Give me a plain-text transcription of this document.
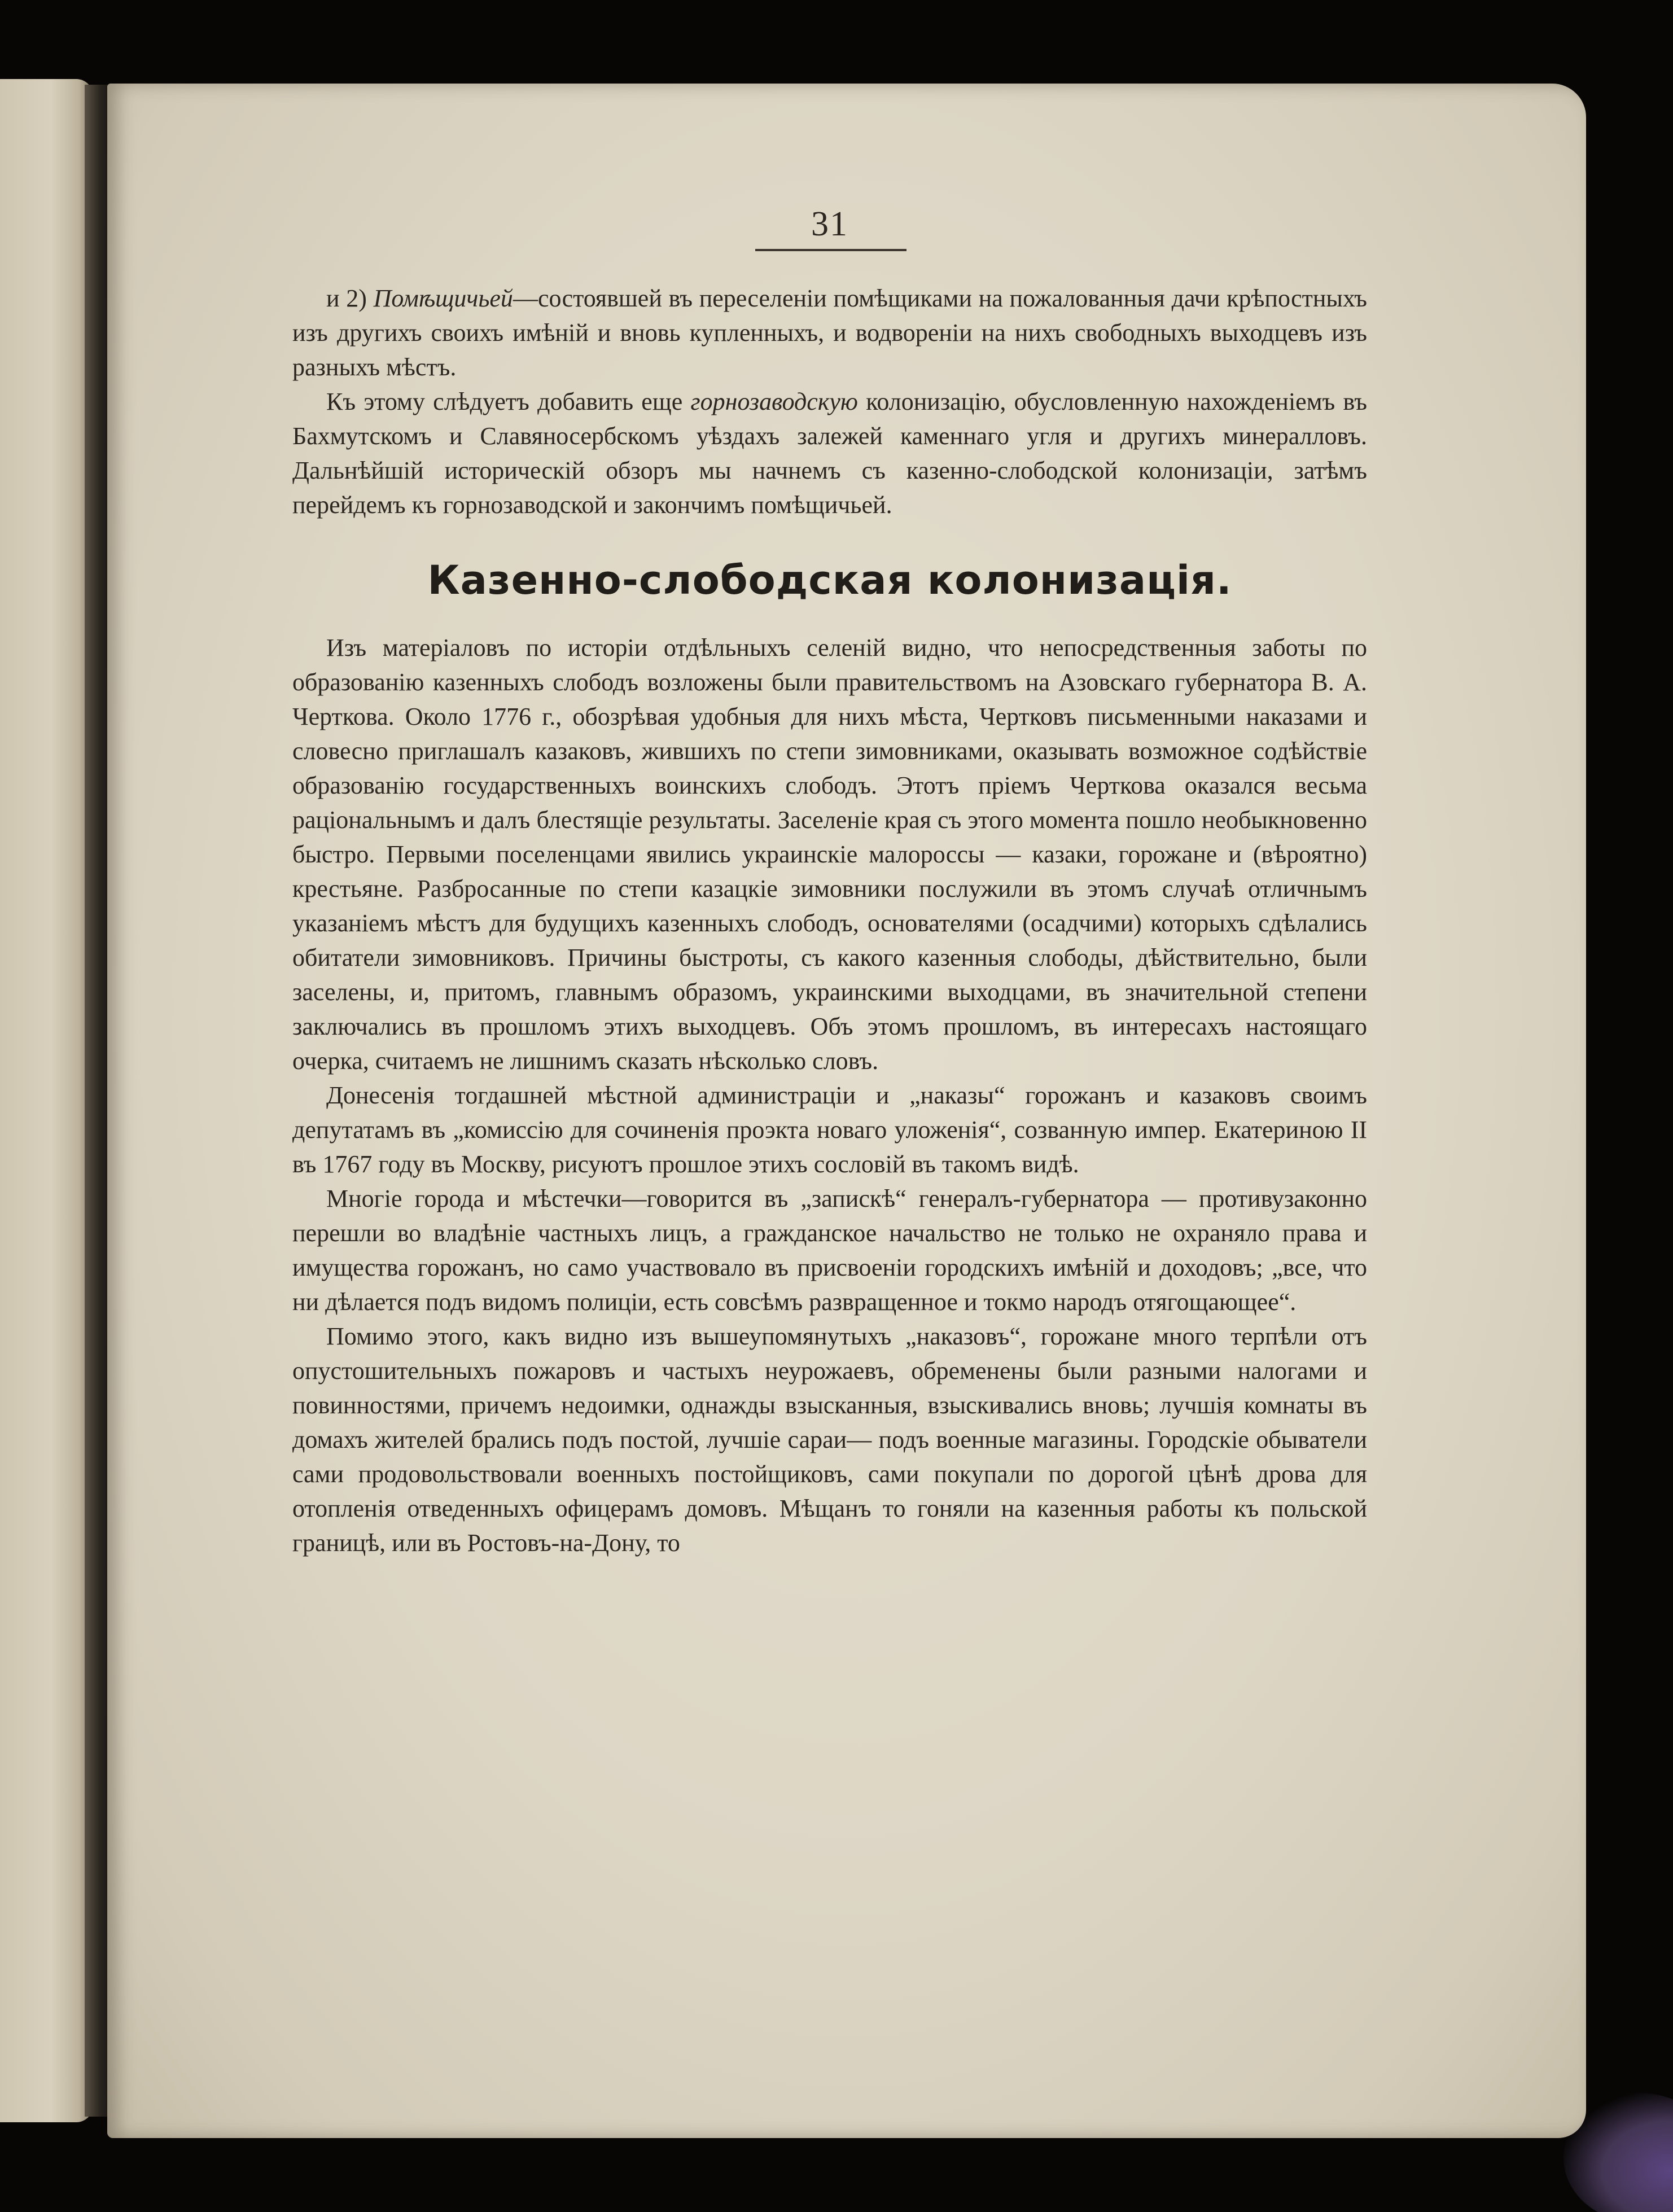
31

и 2) Помѣщичьей—состоявшей въ переселеніи помѣщиками на пожалованныя дачи крѣпостныхъ изъ другихъ своихъ имѣній и вновь купленныхъ, и водвореніи на нихъ свободныхъ выходцевъ изъ разныхъ мѣстъ.

Къ этому слѣдуетъ добавить еще горнозаводскую колонизацію, обусловленную нахожденіемъ въ Бахмутскомъ и Славяносербскомъ уѣздахъ залежей каменнаго угля и другихъ минералловъ. Дальнѣйшій историческій обзоръ мы начнемъ съ казенно-слободской колонизаціи, затѣмъ перейдемъ къ горнозаводской и закончимъ помѣщичьей.

Казенно-слободская колонизація.

Изъ матеріаловъ по исторіи отдѣльныхъ селеній видно, что непосредственныя заботы по образованію казенныхъ слободъ возложены были правительствомъ на Азовскаго губернатора В. А. Черткова. Около 1776 г., обозрѣвая удобныя для нихъ мѣста, Чертковъ письменными наказами и словесно приглашалъ казаковъ, жившихъ по степи зимовниками, оказывать возможное содѣйствіе образованію государственныхъ воинскихъ слободъ. Этотъ пріемъ Черткова оказался весьма раціональнымъ и далъ блестящіе результаты. Заселеніе края съ этого момента пошло необыкновенно быстро. Первыми поселенцами явились украинскіе малороссы — казаки, горожане и (вѣроятно) крестьяне. Разбросанные по степи казацкіе зимовники послужили въ этомъ случаѣ отличнымъ указаніемъ мѣстъ для будущихъ казенныхъ слободъ, основателями (осадчими) которыхъ сдѣлались обитатели зимовниковъ. Причины быстроты, съ какого казенныя слободы, дѣйствительно, были заселены, и, притомъ, главнымъ образомъ, украинскими выходцами, въ значительной степени заключались въ прошломъ этихъ выходцевъ. Объ этомъ прошломъ, въ интересахъ настоящаго очерка, считаемъ не лишнимъ сказать нѣсколько словъ.

Донесенія тогдашней мѣстной администраціи и „наказы“ горожанъ и казаковъ своимъ депутатамъ въ „комиссію для сочиненія проэкта новаго уложенія“, созванную импер. Екатериною II въ 1767 году въ Москву, рисуютъ прошлое этихъ сословій въ такомъ видѣ.

Многіе города и мѣстечки—говорится въ „запискѣ“ генералъ-губернатора — противузаконно перешли во владѣніе частныхъ лицъ, а гражданское начальство не только не охраняло права и имущества горожанъ, но само участвовало въ присвоеніи городскихъ имѣній и доходовъ; „все, что ни дѣлается подъ видомъ полиціи, есть совсѣмъ развращенное и токмо народъ отягощающее“.

Помимо этого, какъ видно изъ вышеупомянутыхъ „наказовъ“, горожане много терпѣли отъ опустошительныхъ пожаровъ и частыхъ неурожаевъ, обременены были разными налогами и повинностями, причемъ недоимки, однажды взысканныя, взыскивались вновь; лучшія комнаты въ домахъ жителей брались подъ постой, лучшіе сараи— подъ военные магазины. Городскіе обыватели сами продовольствовали военныхъ постойщиковъ, сами покупали по дорогой цѣнѣ дрова для отопленія отведенныхъ офицерамъ домовъ. Мѣщанъ то гоняли на казенныя работы къ польской границѣ, или въ Ростовъ-на-Дону, то
